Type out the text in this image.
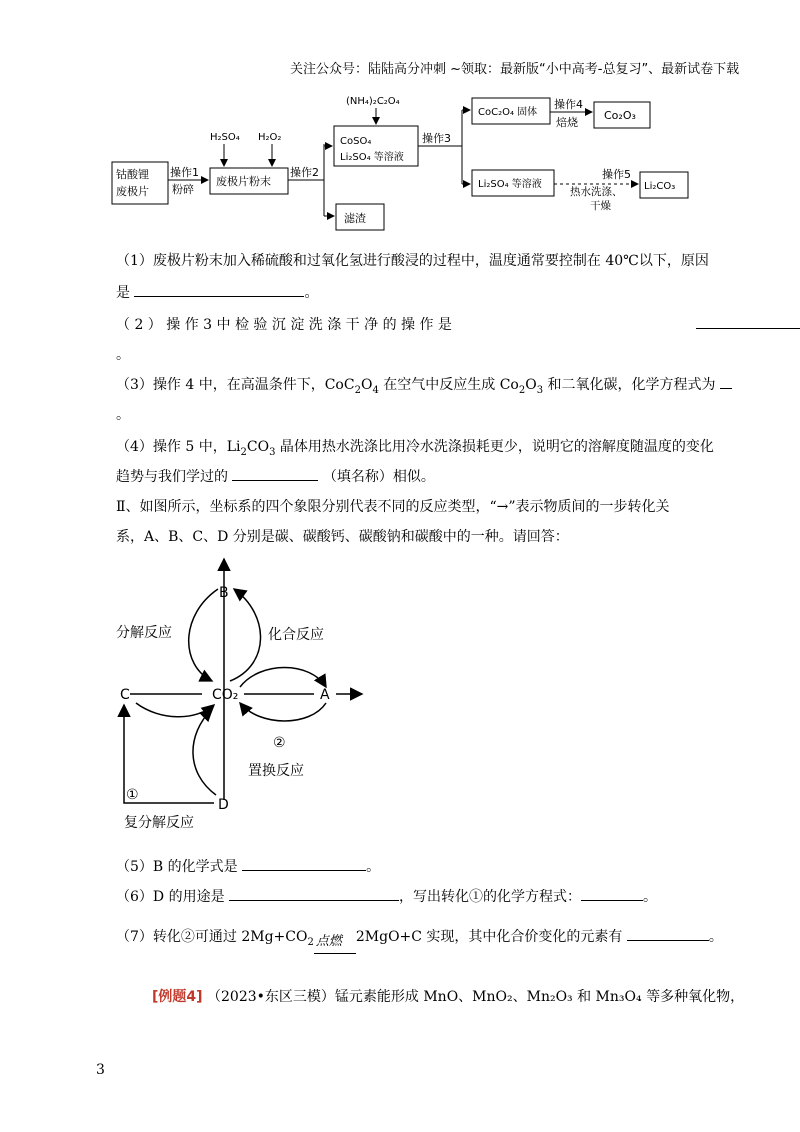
关注公众号：陆陆高分冲刺 ~领取：最新版“小中高考-总复习”、最新试卷下载
钴酸锂
废极片
操作1
粉碎
H₂SO₄ H₂O₂
废极片粉末
操作2
CoSO₄
Li₂SO₄ 等溶液
(NH₄)₂C₂O₄
操作3
滤渣
CoC₂O₄ 固体
操作4
焙烧
Co₂O₃
Li₂SO₄ 等溶液
操作5
热水洗涤、
干燥
Li₂CO₃
（1）废极片粉末加入稀硫酸和过氧化氢进行酸浸的过程中，温度通常要控制在 40℃以下，原因
是	。
（ 2 ） 操 作 3 中 检 验 沉 淀 洗 涤 干 净 的 操 作 是
。
（3）操作 4 中，在高温条件下，$CoC_2O_4$ 在空气中反应生成 $Co_2O_3$ 和二氧化碳，化学方程式为
。
（4）操作 5 中，$Li_2CO_3$ 晶体用热水洗涤比用冷水洗涤损耗更少，说明它的溶解度随温度的变化
趋势与我们学过的	（填名称）相似。
Ⅱ、如图所示，坐标系的四个象限分别代表不同的反应类型，“→”表示物质间的一步转化关
系，A、B、C、D 分别是碳、碳酸钙、碳酸钠和碳酸中的一种。请回答：
B
C	CO₂	A
D
分解反应	化合反应
置换反应
复分解反应
①
②
（5）B 的化学式是	。
（6）D 的用途是	，写出转化①的化学方程式：	。
（7）转化②可通过 $2Mg+CO_2$ 点燃 2MgO+C 实现，其中化合价变化的元素有	。
[例题4] （2023•东区三模）锰元素能形成 MnO、MnO₂、Mn₂O₃ 和 Mn₃O₄ 等多种氧化物，
3
